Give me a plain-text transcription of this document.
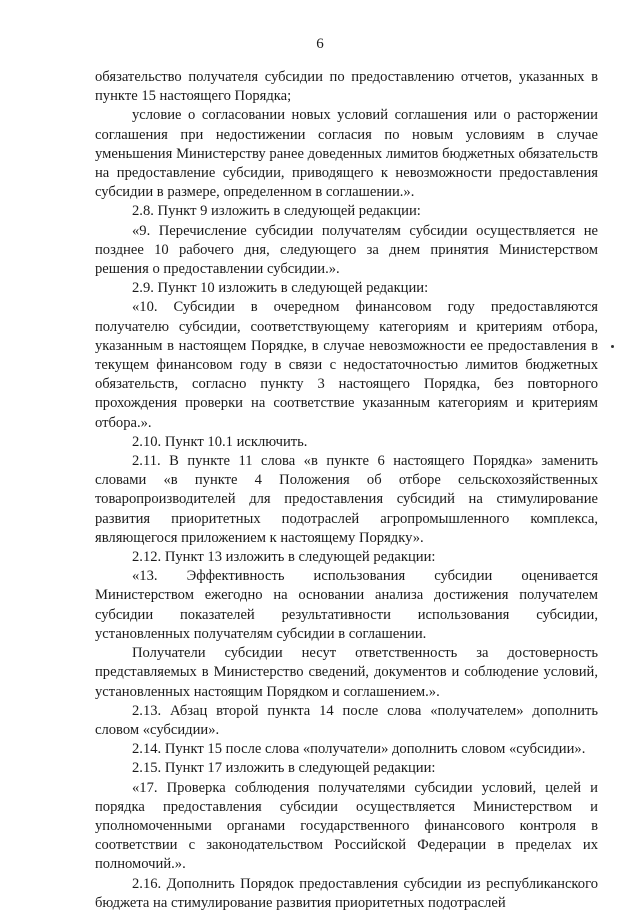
6

обязательство получателя субсидии по предоставлению отчетов, указанных в пункте 15 настоящего Порядка;

условие о согласовании новых условий соглашения или о расторжении соглашения при недостижении согласия по новым условиям в случае уменьшения Министерству ранее доведенных лимитов бюджетных обязательств на предоставление субсидии, приводящего к невозможности предоставления субсидии в размере, определенном в соглашении.».

2.8. Пункт 9 изложить в следующей редакции:

«9. Перечисление субсидии получателям субсидии осуществляется не позднее 10 рабочего дня, следующего за днем принятия Министерством решения о предоставлении субсидии.».

2.9. Пункт 10 изложить в следующей редакции:

«10. Субсидии в очередном финансовом году предоставляются получателю субсидии, соответствующему категориям и критериям отбора, указанным в настоящем Порядке, в случае невозможности ее предоставления в текущем финансовом году в связи с недостаточностью лимитов бюджетных обязательств, согласно пункту 3 настоящего Порядка, без повторного прохождения проверки на соответствие указанным категориям и критериям отбора.».

2.10. Пункт 10.1 исключить.

2.11. В пункте 11 слова «в пункте 6 настоящего Порядка» заменить словами «в пункте 4 Положения об отборе сельскохозяйственных товаропроизводителей для предоставления субсидий на стимулирование развития приоритетных подотраслей агропромышленного комплекса, являющегося приложением к настоящему Порядку».

2.12. Пункт 13 изложить в следующей редакции:

«13. Эффективность использования субсидии оценивается Министерством ежегодно на основании анализа достижения получателем субсидии показателей результативности использования субсидии, установленных получателям субсидии в соглашении.

Получатели субсидии несут ответственность за достоверность представляемых в Министерство сведений, документов и соблюдение условий, установленных настоящим Порядком и соглашением.».

2.13. Абзац второй пункта 14 после слова «получателем» дополнить словом «субсидии».

2.14. Пункт 15 после слова «получатели» дополнить словом «субсидии».

2.15. Пункт 17 изложить в следующей редакции:

«17. Проверка соблюдения получателями субсидии условий, целей и порядка предоставления субсидии осуществляется Министерством и уполномоченными органами государственного финансового контроля в соответствии с законодательством Российской Федерации в пределах их полномочий.».

2.16. Дополнить Порядок предоставления субсидии из республиканского бюджета на стимулирование развития приоритетных подотраслей
